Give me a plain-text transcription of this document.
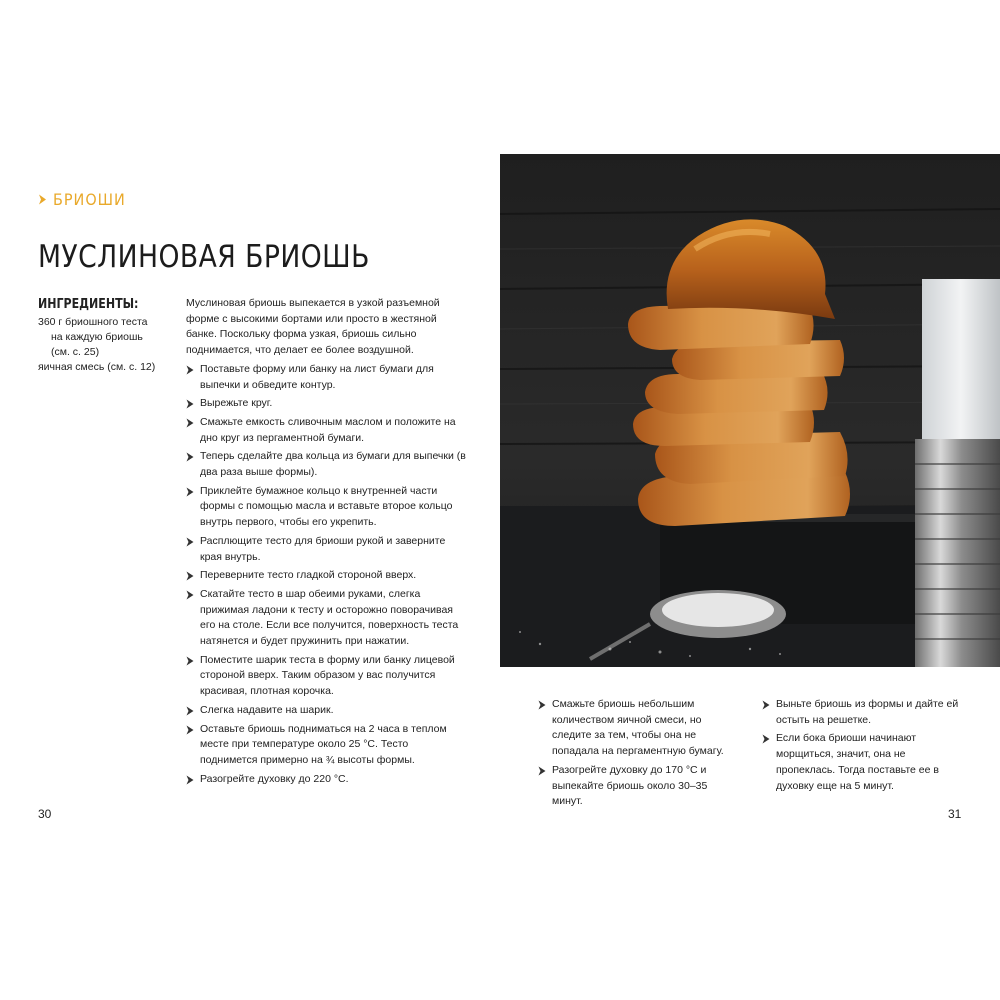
БРИОШИ
МУСЛИНОВАЯ БРИОШЬ
ИНГРЕДИЕНТЫ:
360 г бриошного теста
на каждую бриошь
(см. с. 25)
яичная смесь (см. с. 12)

Муслиновая бриошь выпекается в узкой разъемной форме с высокими бортами или просто в жестяной банке. Поскольку форма узкая, бриошь сильно поднимается, что делает ее более воздушной.

Поставьте форму или банку на лист бумаги для выпечки и обведите контур.
Вырежьте круг.
Смажьте емкость сливочным маслом и положите на дно круг из пергаментной бумаги.
Теперь сделайте два кольца из бумаги для выпечки (в два раза выше формы).
Приклейте бумажное кольцо к внутренней части формы с помощью масла и вставьте второе кольцо внутрь первого, чтобы его укрепить.
Расплющите тесто для бриоши рукой и заверните края внутрь.
Переверните тесто гладкой стороной вверх.
Скатайте тесто в шар обеими руками, слегка прижимая ладони к тесту и осторожно поворачивая его на столе. Если все получится, поверхность теста натянется и будет пружинить при нажатии.
Поместите шарик теста в форму или банку лицевой стороной вверх. Таким образом у вас получится красивая, плотная корочка.
Слегка надавите на шарик.
Оставьте бриошь подниматься на 2 часа в теплом месте при температуре около 25 °С. Тесто поднимется примерно на ¾ высоты формы.
Разогрейте духовку до 220 °С.
30
Смажьте бриошь небольшим количеством яичной смеси, но следите за тем, чтобы она не попадала на пергаментную бумагу.
Разогрейте духовку до 170 °С и выпекайте бриошь около 30–35 минут.
Выньте бриошь из формы и дайте ей остыть на решетке.
Если бока бриоши начинают морщиться, значит, она не пропеклась. Тогда поставьте ее в духовку еще на 5 минут.
31
